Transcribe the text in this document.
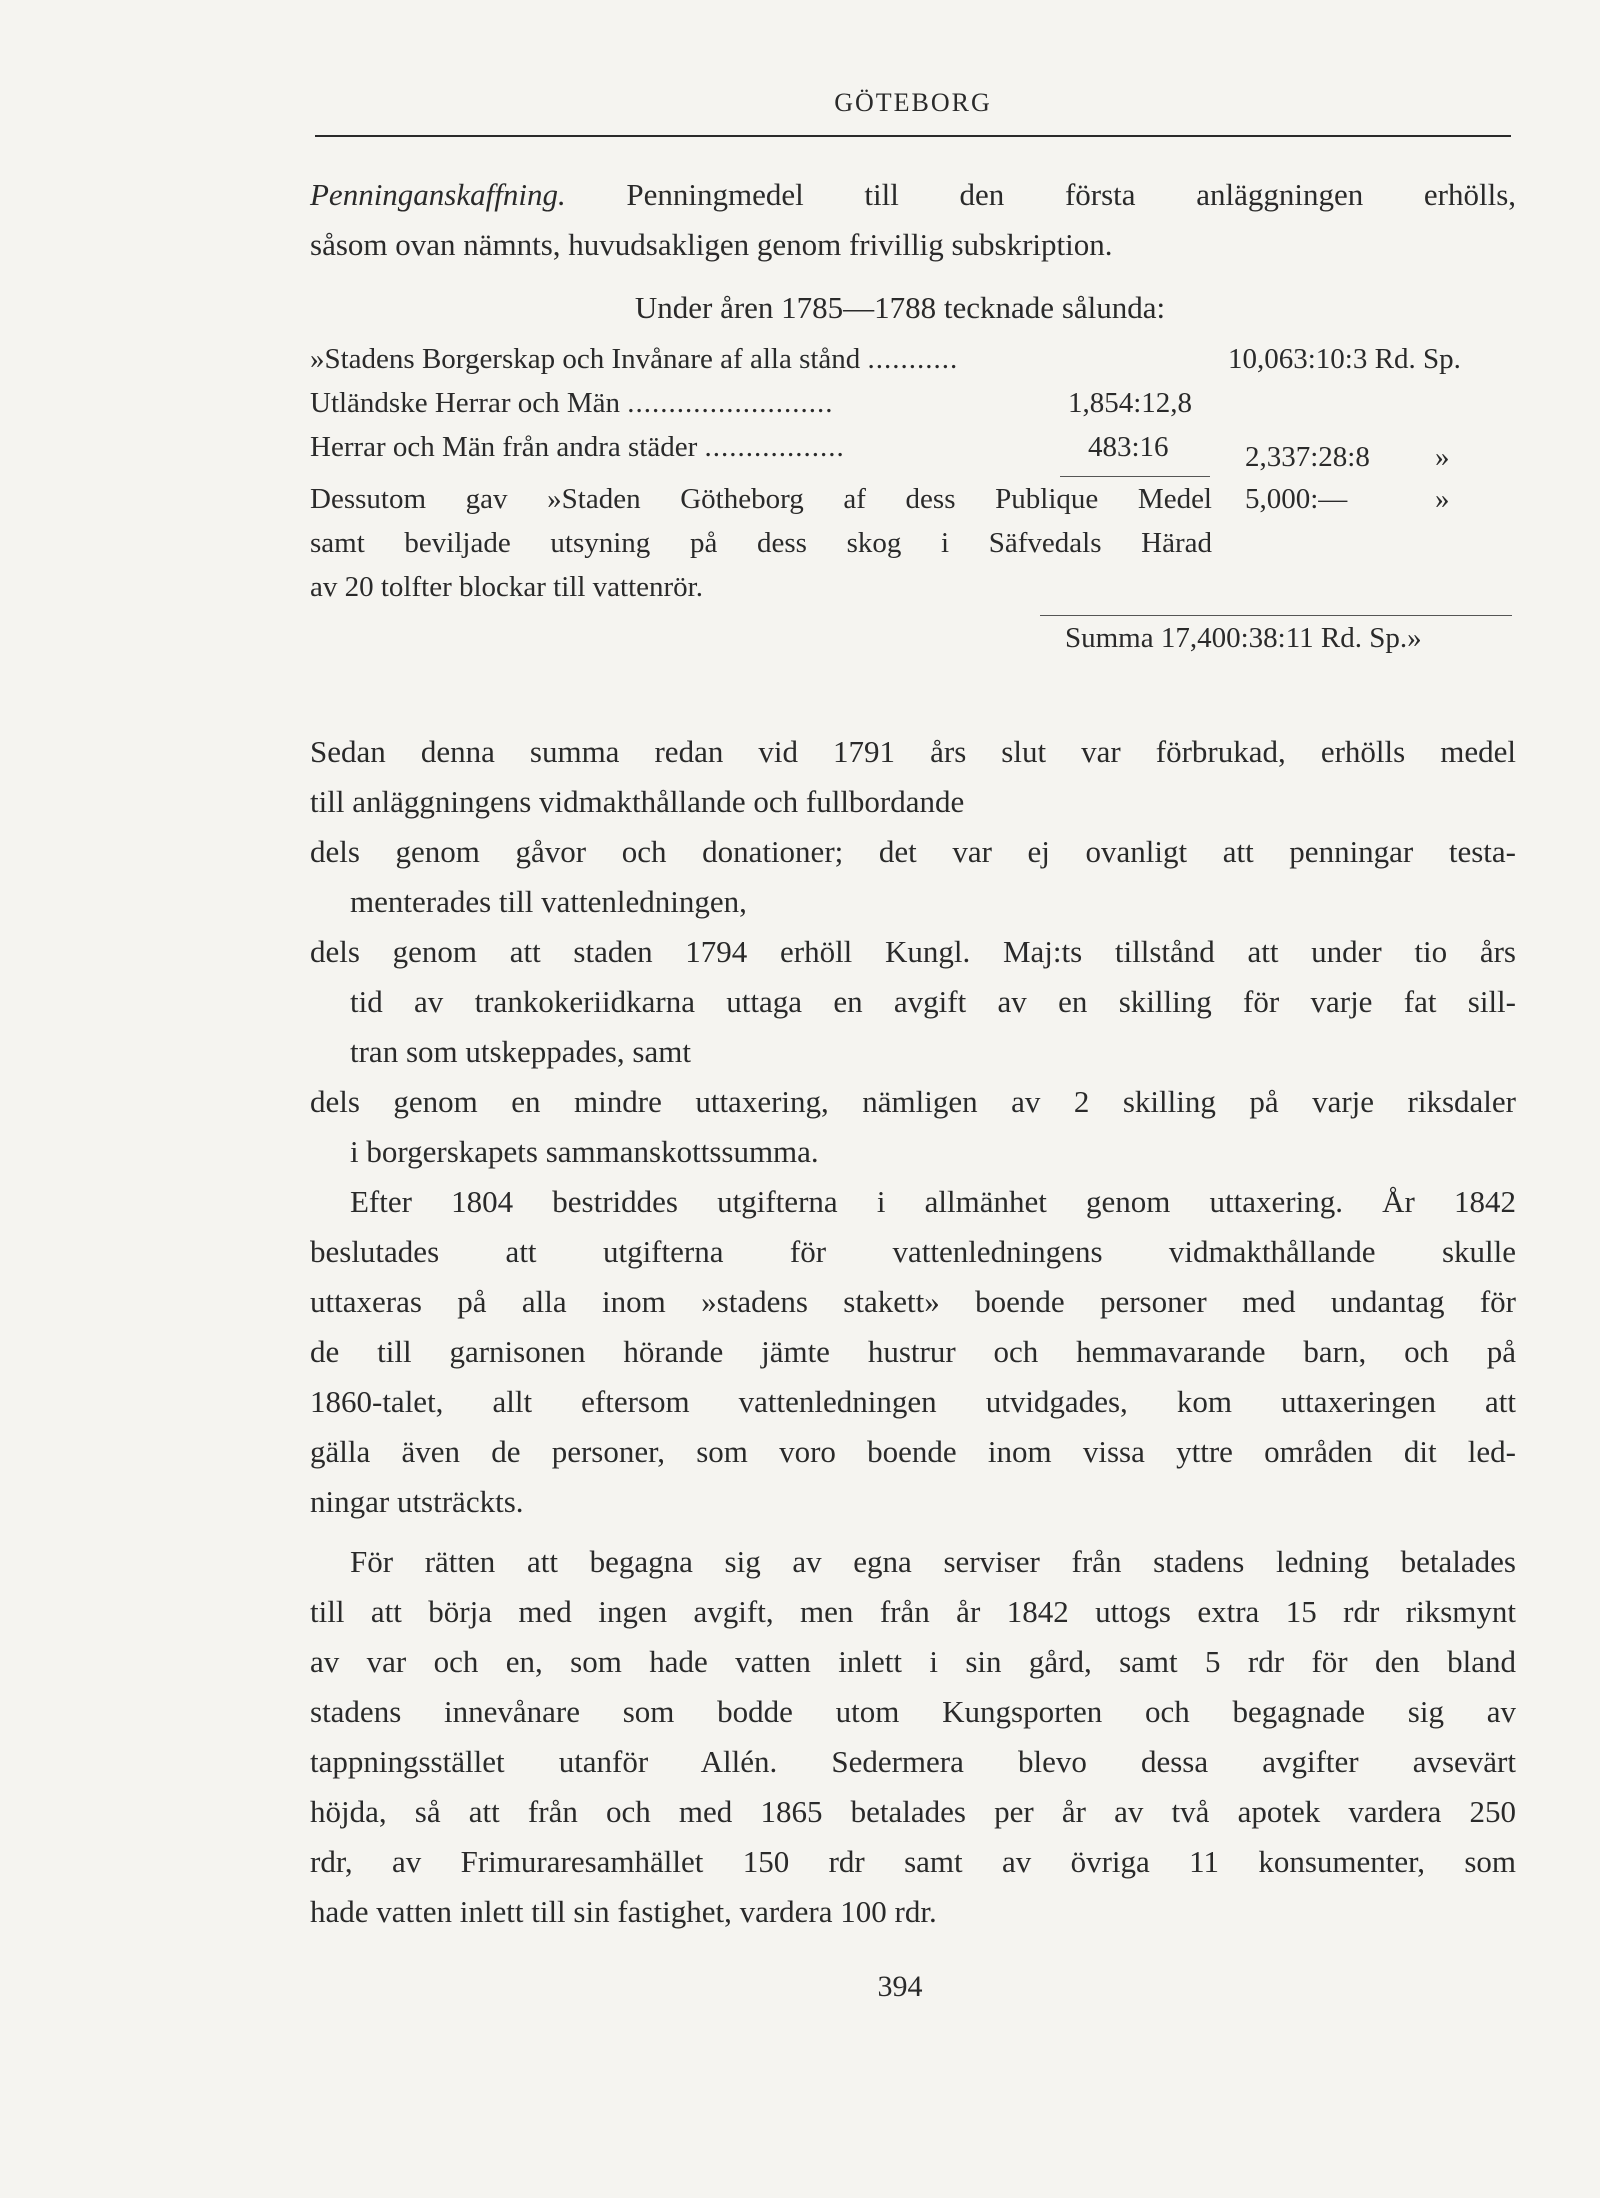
GÖTEBORG
Penninganskaffning. Penningmedel till den första anläggningen erhölls,
såsom ovan nämnts, huvudsakligen genom frivillig subskription.
Under åren 1785—1788 tecknade sålunda:
»Stadens Borgerskap och Invånare af alla stånd ...........	10,063:10:3 Rd. Sp.
Utländske Herrar och Män .........................	1,854:12,8
Herrar och Män från andra städer .................	483:16	2,337:28:8 »
Dessutom gav »Staden Götheborg af dess Publique Medel 5,000:—	»
samt beviljade utsyning på dess skog i Säfvedals Härad
av 20 tolfter blockar till vattenrör.
Summa 17,400:38:11 Rd. Sp.»
Sedan denna summa redan vid 1791 års slut var förbrukad, erhölls medel
till anläggningens vidmakthållande och fullbordande
dels genom gåvor och donationer; det var ej ovanligt att penningar testa-
menterades till vattenledningen,
dels genom att staden 1794 erhöll Kungl. Maj:ts tillstånd att under tio års
tid av trankokeriidkarna uttaga en avgift av en skilling för varje fat sill-
tran som utskeppades, samt
dels genom en mindre uttaxering, nämligen av 2 skilling på varje riksdaler
i borgerskapets sammanskottssumma.
Efter 1804 bestriddes utgifterna i allmänhet genom uttaxering. År 1842
beslutades att utgifterna för vattenledningens vidmakthållande skulle
uttaxeras på alla inom »stadens stakett» boende personer med undantag för
de till garnisonen hörande jämte hustrur och hemmavarande barn, och på
1860-talet, allt eftersom vattenledningen utvidgades, kom uttaxeringen att
gälla även de personer, som voro boende inom vissa yttre områden dit led-
ningar utsträckts.
För rätten att begagna sig av egna serviser från stadens ledning betalades
till att börja med ingen avgift, men från år 1842 uttogs extra 15 rdr riksmynt
av var och en, som hade vatten inlett i sin gård, samt 5 rdr för den bland
stadens innevånare som bodde utom Kungsporten och begagnade sig av
tappningsstället utanför Allén. Sedermera blevo dessa avgifter avsevärt
höjda, så att från och med 1865 betalades per år av två apotek vardera 250
rdr, av Frimuraresamhället 150 rdr samt av övriga 11 konsumenter, som
hade vatten inlett till sin fastighet, vardera 100 rdr.
394
